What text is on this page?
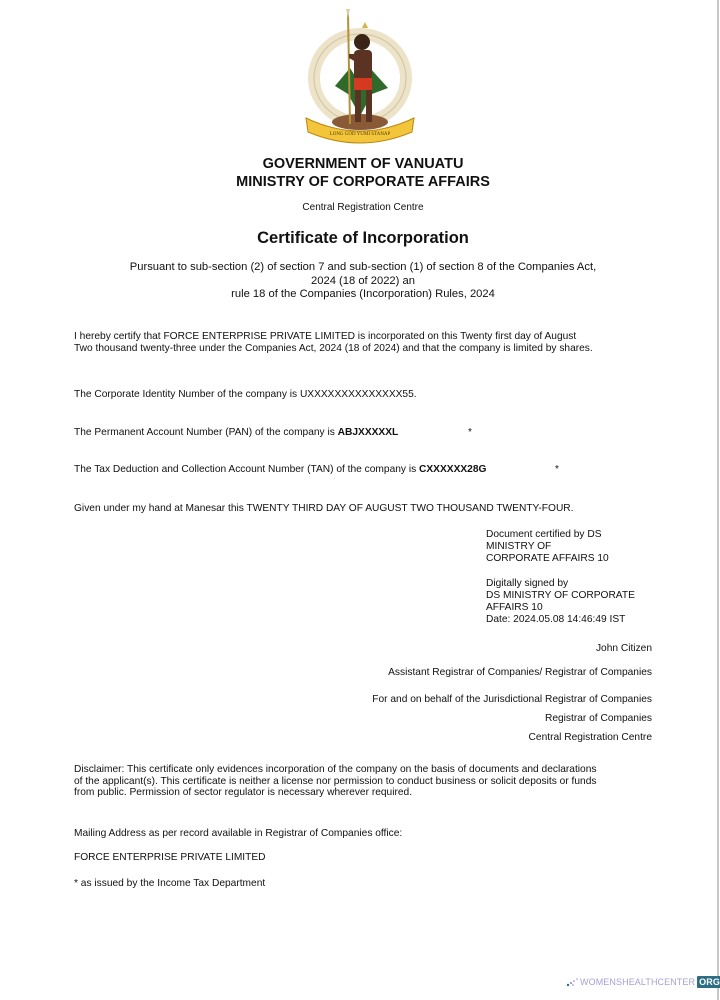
LONG GOD YUMI STANAP
GOVERNMENT OF VANUATU
MINISTRY OF CORPORATE AFFAIRS
Central Registration Centre
Certificate of Incorporation
Pursuant to sub-section (2) of section 7 and sub-section (1) of section 8 of the Companies Act,
2024 (18 of 2022) an
rule 18 of the Companies (Incorporation) Rules, 2024
I hereby certify that FORCE ENTERPRISE PRIVATE LIMITED is incorporated on this Twenty first day of August
Two thousand twenty-three under the Companies Act, 2024 (18 of 2024) and that the company is limited by shares.
The Corporate Identity Number of the company is UXXXXXXXXXXXXXX55.
The Permanent Account Number (PAN) of the company is ABJXXXXXL	*
The Tax Deduction and Collection Account Number (TAN) of the company is CXXXXXX28G	*
Given under my hand at Manesar this TWENTY THIRD DAY OF AUGUST TWO THOUSAND TWENTY-FOUR.
Document certified by DS
MINISTRY OF
CORPORATE AFFAIRS 10
Digitally signed by
DS MINISTRY OF CORPORATE
AFFAIRS 10
Date: 2024.05.08 14:46:49 IST
John Citizen
Assistant Registrar of Companies/ Registrar of Companies
For and on behalf of the Jurisdictional Registrar of Companies
Registrar of Companies
Central Registration Centre
Disclaimer: This certificate only evidences incorporation of the company on the basis of documents and declarations
of the applicant(s). This certificate is neither a license nor permission to conduct business or solicit deposits or funds
from public. Permission of sector regulator is necessary wherever required.
Mailing Address as per record available in Registrar of Companies office:
FORCE ENTERPRISE PRIVATE LIMITED
* as issued by the Income Tax Department
WOMENSHEALTHCENTER ORG
